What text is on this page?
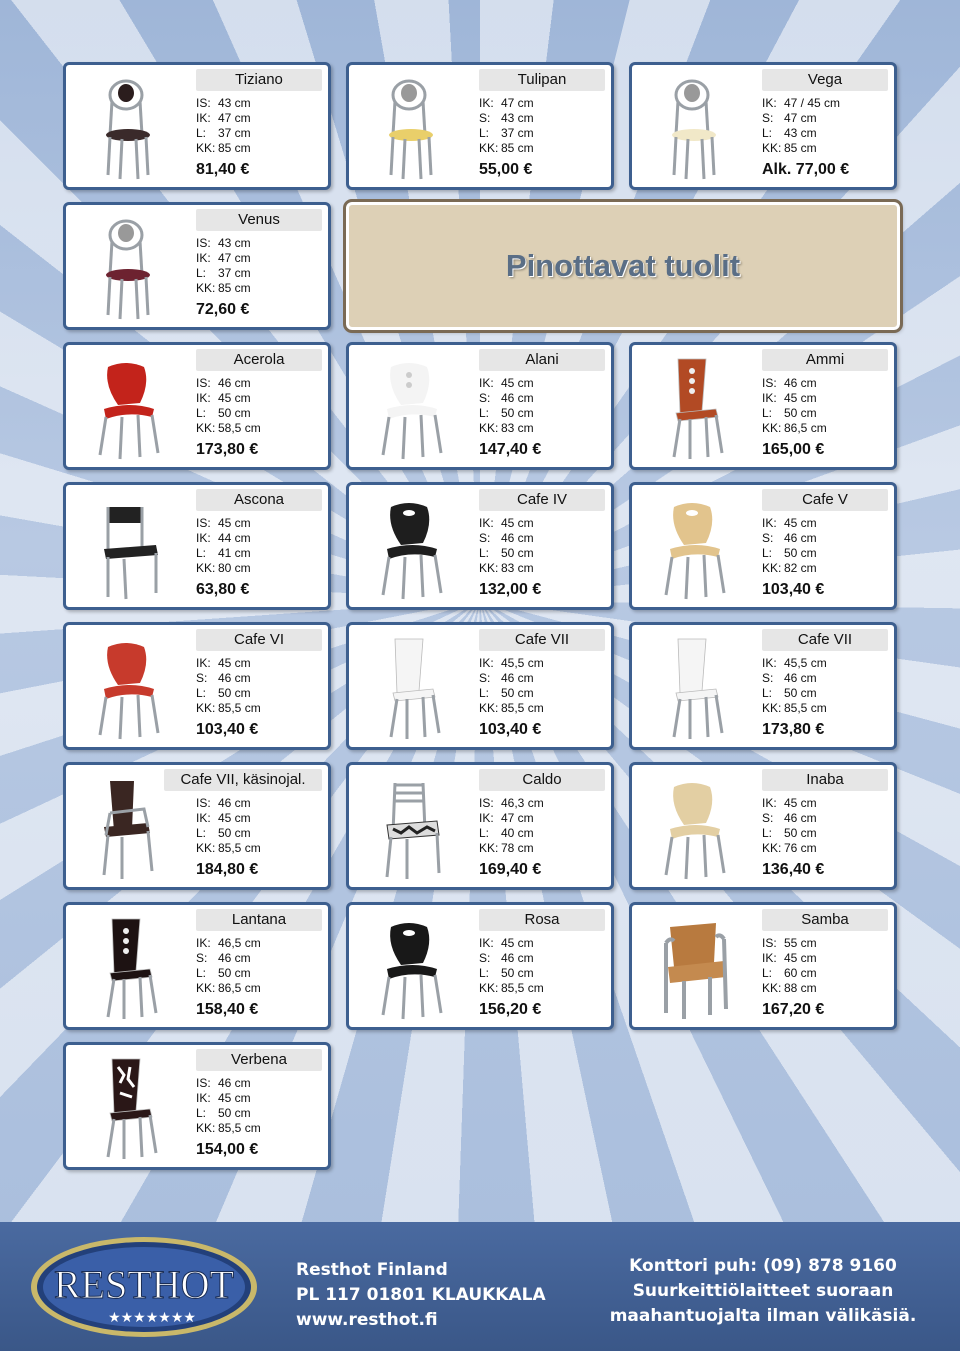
Pinottavat tuolit
Tiziano
IS: 43 cm
IK: 47 cm
L: 37 cm
KK: 85 cm
81,40 €
Tulipan
IK: 47 cm
S: 43 cm
L: 37 cm
KK: 85 cm
55,00 €
Vega
IK: 47 / 45 cm
S: 47 cm
L: 43 cm
KK: 85 cm
Alk. 77,00 €
Venus
IS: 43 cm
IK: 47 cm
L: 37 cm
KK: 85 cm
72,60 €
Acerola
IS: 46 cm
IK: 45 cm
L: 50 cm
KK: 58,5 cm
173,80 €
Alani
IK: 45 cm
S: 46 cm
L: 50 cm
KK: 83 cm
147,40 €
Ammi
IS: 46 cm
IK: 45 cm
L: 50 cm
KK: 86,5 cm
165,00 €
Ascona
IS: 45 cm
IK: 44 cm
L: 41 cm
KK: 80 cm
63,80 €
Cafe IV
IK: 45 cm
S: 46 cm
L: 50 cm
KK: 83 cm
132,00 €
Cafe V
IK: 45 cm
S: 46 cm
L: 50 cm
KK: 82 cm
103,40 €
Cafe VI
IK: 45 cm
S: 46 cm
L: 50 cm
KK: 85,5 cm
103,40 €
Cafe VII
IK: 45,5 cm
S: 46 cm
L: 50 cm
KK: 85,5 cm
103,40 €
Cafe VII
IK: 45,5 cm
S: 46 cm
L: 50 cm
KK: 85,5 cm
173,80 €
Cafe VII, käsinojal.
IS: 46 cm
IK: 45 cm
L: 50 cm
KK: 85,5 cm
184,80 €
Caldo
IS: 46,3 cm
IK: 47 cm
L: 40 cm
KK: 78 cm
169,40 €
Inaba
IK: 45 cm
S: 46 cm
L: 50 cm
KK: 76 cm
136,40 €
Lantana
IK: 46,5 cm
S: 46 cm
L: 50 cm
KK: 86,5 cm
158,40 €
Rosa
IK: 45 cm
S: 46 cm
L: 50 cm
KK: 85,5 cm
156,20 €
Samba
IS: 55 cm
IK: 45 cm
L: 60 cm
KK: 88 cm
167,20 €
Verbena
IS: 46 cm
IK: 45 cm
L: 50 cm
KK: 85,5 cm
154,00 €
RESTHOT
★★★★★★★
Resthot Finland
PL 117 01801 KLAUKKALA
www.resthot.fi
Konttori puh: (09) 878 9160
Suurkeittiölaitteet suoraan
maahantuojalta ilman välikäsiä.
